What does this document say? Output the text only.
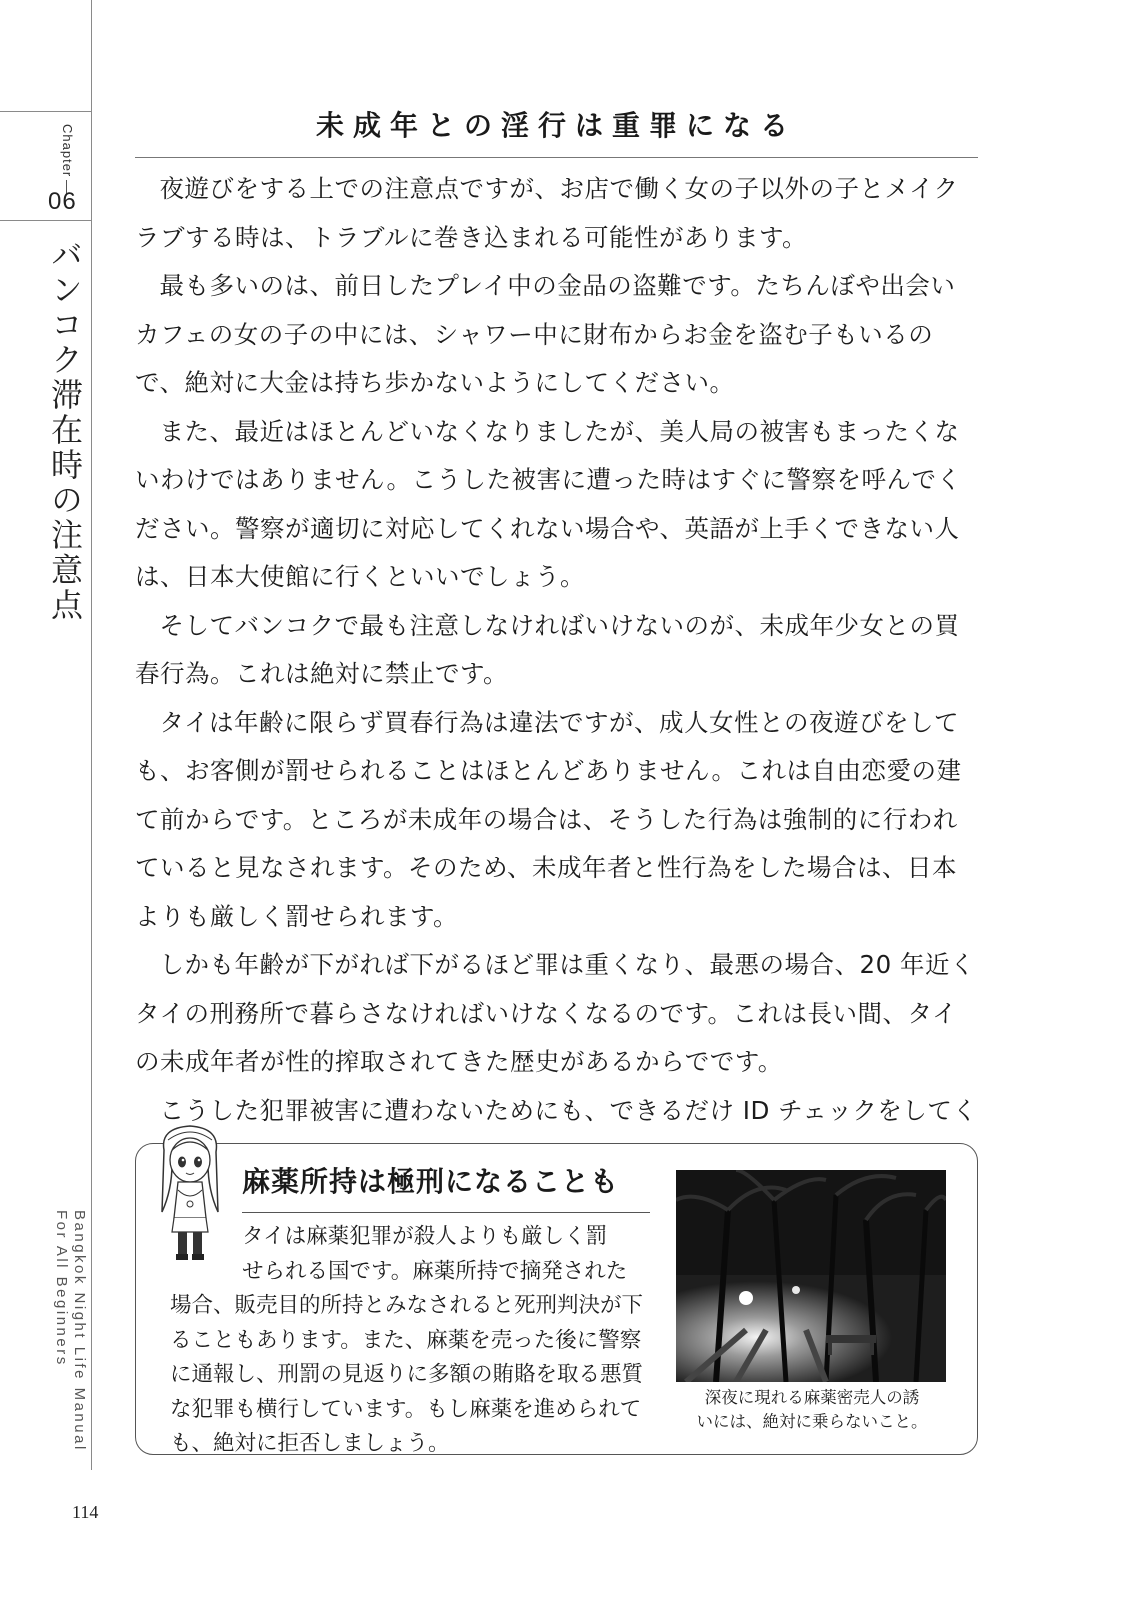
Chapter
06
バンコク滞在時の注意点
Bangkok Night Life Manual
For All Beginners
114
未成年との淫行は重罪になる

夜遊びをする上での注意点ですが、お店で働く女の子以外の子とメイクラブする時は、トラブルに巻き込まれる可能性があります。

最も多いのは、前日したプレイ中の金品の盗難です。たちんぼや出会いカフェの女の子の中には、シャワー中に財布からお金を盗む子もいるので、絶対に大金は持ち歩かないようにしてください。

また、最近はほとんどいなくなりましたが、美人局の被害もまったくないわけではありません。こうした被害に遭った時はすぐに警察を呼んでください。警察が適切に対応してくれない場合や、英語が上手くできない人は、日本大使館に行くといいでしょう。

そしてバンコクで最も注意しなければいけないのが、未成年少女との買春行為。これは絶対に禁止です。

タイは年齢に限らず買春行為は違法ですが、成人女性との夜遊びをしても、お客側が罰せられることはほとんどありません。これは自由恋愛の建て前からです。ところが未成年の場合は、そうした行為は強制的に行われていると見なされます。そのため、未成年者と性行為をした場合は、日本よりも厳しく罰せられます。

しかも年齢が下がれば下がるほど罪は重くなり、最悪の場合、20 年近くタイの刑務所で暮らさなければいけなくなるのです。これは長い間、タイの未成年者が性的搾取されてきた歴史があるからでです。

こうした犯罪被害に遭わないためにも、できるだけ ID チェックをしてく

麻薬所持は極刑になることも
タイは麻薬犯罪が殺人よりも厳しく罰
せられる国です。麻薬所持で摘発された
場合、販売目的所持とみなされると死刑判決が下ることもあります。また、麻薬を売った後に警察に通報し、刑罰の見返りに多額の賄賂を取る悪質な犯罪も横行しています。もし麻薬を進められても、絶対に拒否しましょう。
深夜に現れる麻薬密売人の誘
いには、絶対に乗らないこと。
